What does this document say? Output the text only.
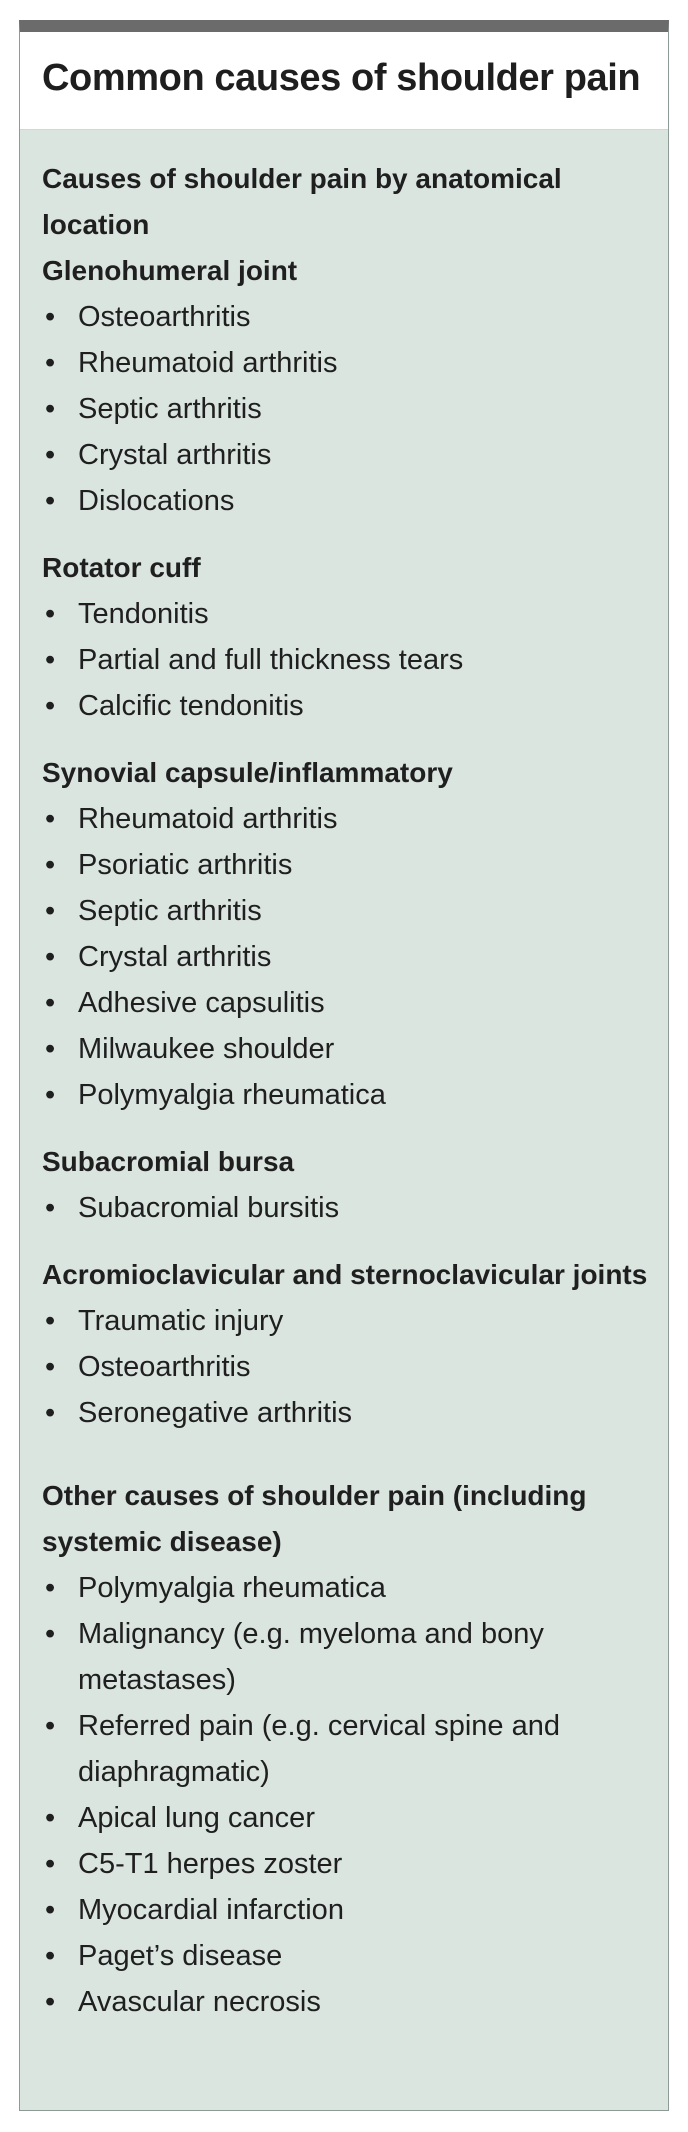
Common causes of shoulder pain
Causes of shoulder pain by anatomical location
Glenohumeral joint
• Osteoarthritis
• Rheumatoid arthritis
• Septic arthritis
• Crystal arthritis
• Dislocations
Rotator cuff
• Tendonitis
• Partial and full thickness tears
• Calcific tendonitis
Synovial capsule/inflammatory
• Rheumatoid arthritis
• Psoriatic arthritis
• Septic arthritis
• Crystal arthritis
• Adhesive capsulitis
• Milwaukee shoulder
• Polymyalgia rheumatica
Subacromial bursa
• Subacromial bursitis
Acromioclavicular and sternoclavicular joints
• Traumatic injury
• Osteoarthritis
• Seronegative arthritis
Other causes of shoulder pain (including systemic disease)
• Polymyalgia rheumatica
• Malignancy (e.g. myeloma and bony metastases)
• Referred pain (e.g. cervical spine and diaphragmatic)
• Apical lung cancer
• C5-T1 herpes zoster
• Myocardial infarction
• Paget’s disease
• Avascular necrosis
